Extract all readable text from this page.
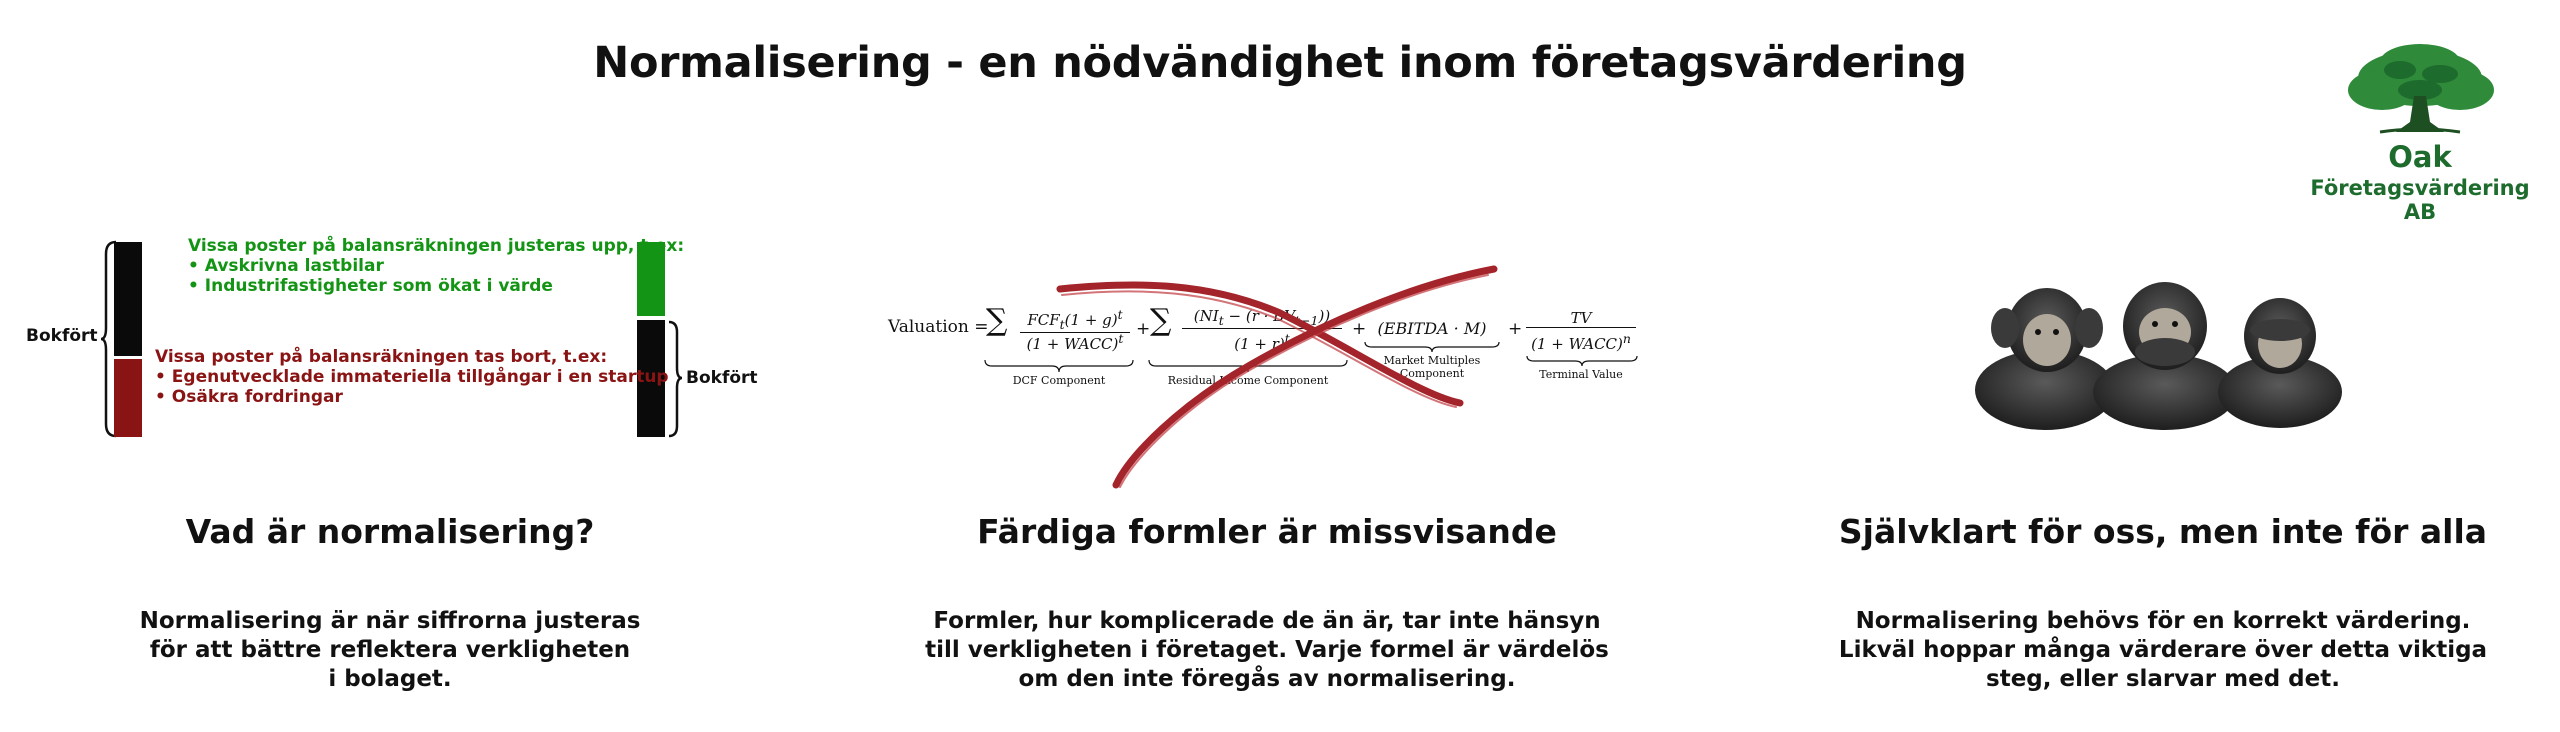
Normalisering - en nödvändighet inom företagsvärdering
Oak
Företagsvärdering AB
Bokfört
Bokfört
Vissa poster på balansräkningen justeras upp, t.ex:
• Avskrivna lastbilar
• Industrifastigheter som ökat i värde
Vissa poster på balansräkningen tas bort, t.ex:
• Egenutvecklade immateriella tillgångar i en startup
• Osäkra fordringar
Valuation =
∑	$FCF_t(1 + g)^t$
(1 + WACC)$^t$
DCF Component
+ ∑	$(NI_t - (r \cdot BV_{t-1}))$
$(1 + r)^t$
Residual Income Component
+ (EBITDA · M)
Market Multiples Component
+
TV
(1 + WACC)$^n$
Terminal Value
Vad är normalisering?
Normalisering är när siffrorna justeras
för att bättre reflektera verkligheten
i bolaget.
Färdiga formler är missvisande
Formler, hur komplicerade de än är, tar inte hänsyn
till verkligheten i företaget. Varje formel är värdelös
om den inte föregås av normalisering.
Självklart för oss, men inte för alla
Normalisering behövs för en korrekt värdering.
Likväl hoppar många värderare över detta viktiga
steg, eller slarvar med det.
